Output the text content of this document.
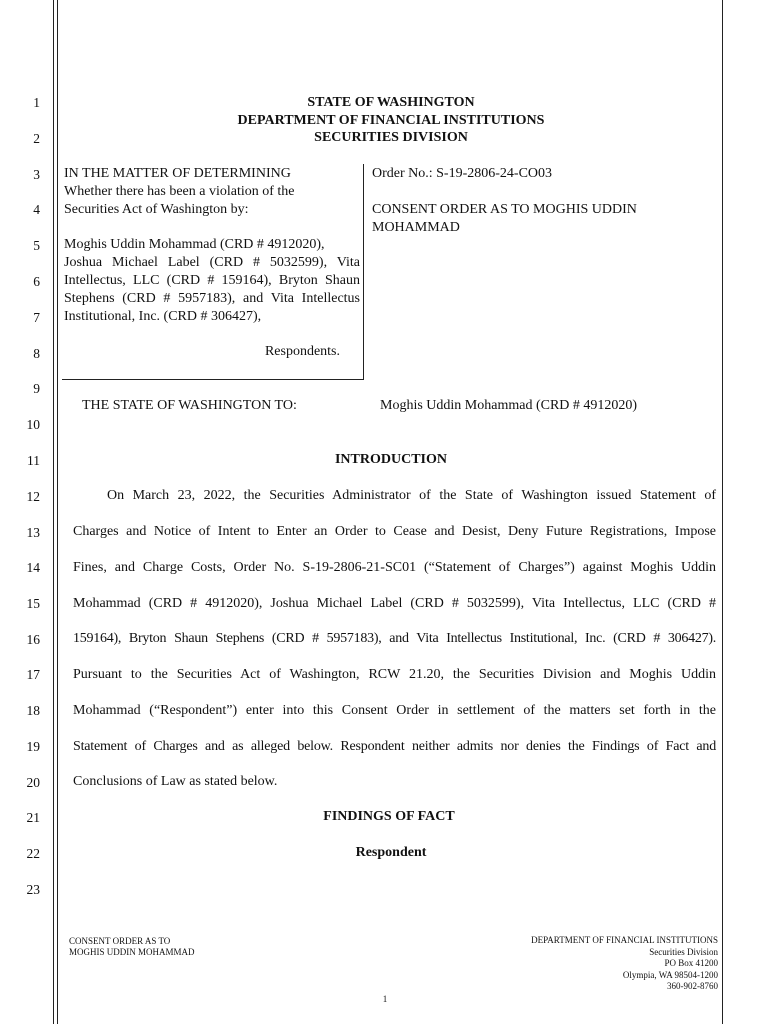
1
2
3
4
5
6
7
8
9
10
11
12
13
14
15
16
17
18
19
20
21
22
23
STATE OF WASHINGTON
DEPARTMENT OF FINANCIAL INSTITUTIONS
SECURITIES DIVISION

IN THE MATTER OF DETERMINING

Whether there has been a violation of the

Securities Act of Washington by:

Moghis Uddin Mohammad (CRD # 4912020),

Joshua Michael Label (CRD # 5032599), Vita

Intellectus, LLC (CRD # 159164), Bryton Shaun

Stephens (CRD # 5957183), and Vita Intellectus

Institutional, Inc. (CRD # 306427),

Respondents.

Order No.: S-19-2806-24-CO03

CONSENT ORDER AS TO MOGHIS UDDIN

MOHAMMAD

THE STATE OF WASHINGTON TO:	Moghis Uddin Mohammad (CRD # 4912020)
INTRODUCTION
On March 23, 2022, the Securities Administrator of the State of Washington issued Statement of
Charges and Notice of Intent to Enter an Order to Cease and Desist, Deny Future Registrations, Impose
Fines, and Charge Costs, Order No. S-19-2806-21-SC01 (“Statement of Charges”) against Moghis Uddin
Mohammad (CRD # 4912020), Joshua Michael Label (CRD # 5032599), Vita Intellectus, LLC (CRD #
159164), Bryton Shaun Stephens (CRD # 5957183), and Vita Intellectus Institutional, Inc. (CRD # 306427).
Pursuant to the Securities Act of Washington, RCW 21.20, the Securities Division and Moghis Uddin
Mohammad (“Respondent”) enter into this Consent Order in settlement of the matters set forth in the
Statement of Charges and as alleged below. Respondent neither admits nor denies the Findings of Fact and
Conclusions of Law as stated below.
FINDINGS OF FACT
Respondent
CONSENT ORDER AS TO
MOGHIS UDDIN MOHAMMAD
DEPARTMENT OF FINANCIAL INSTITUTIONS
Securities Division
PO Box 41200
Olympia, WA 98504-1200
360-902-8760
1
